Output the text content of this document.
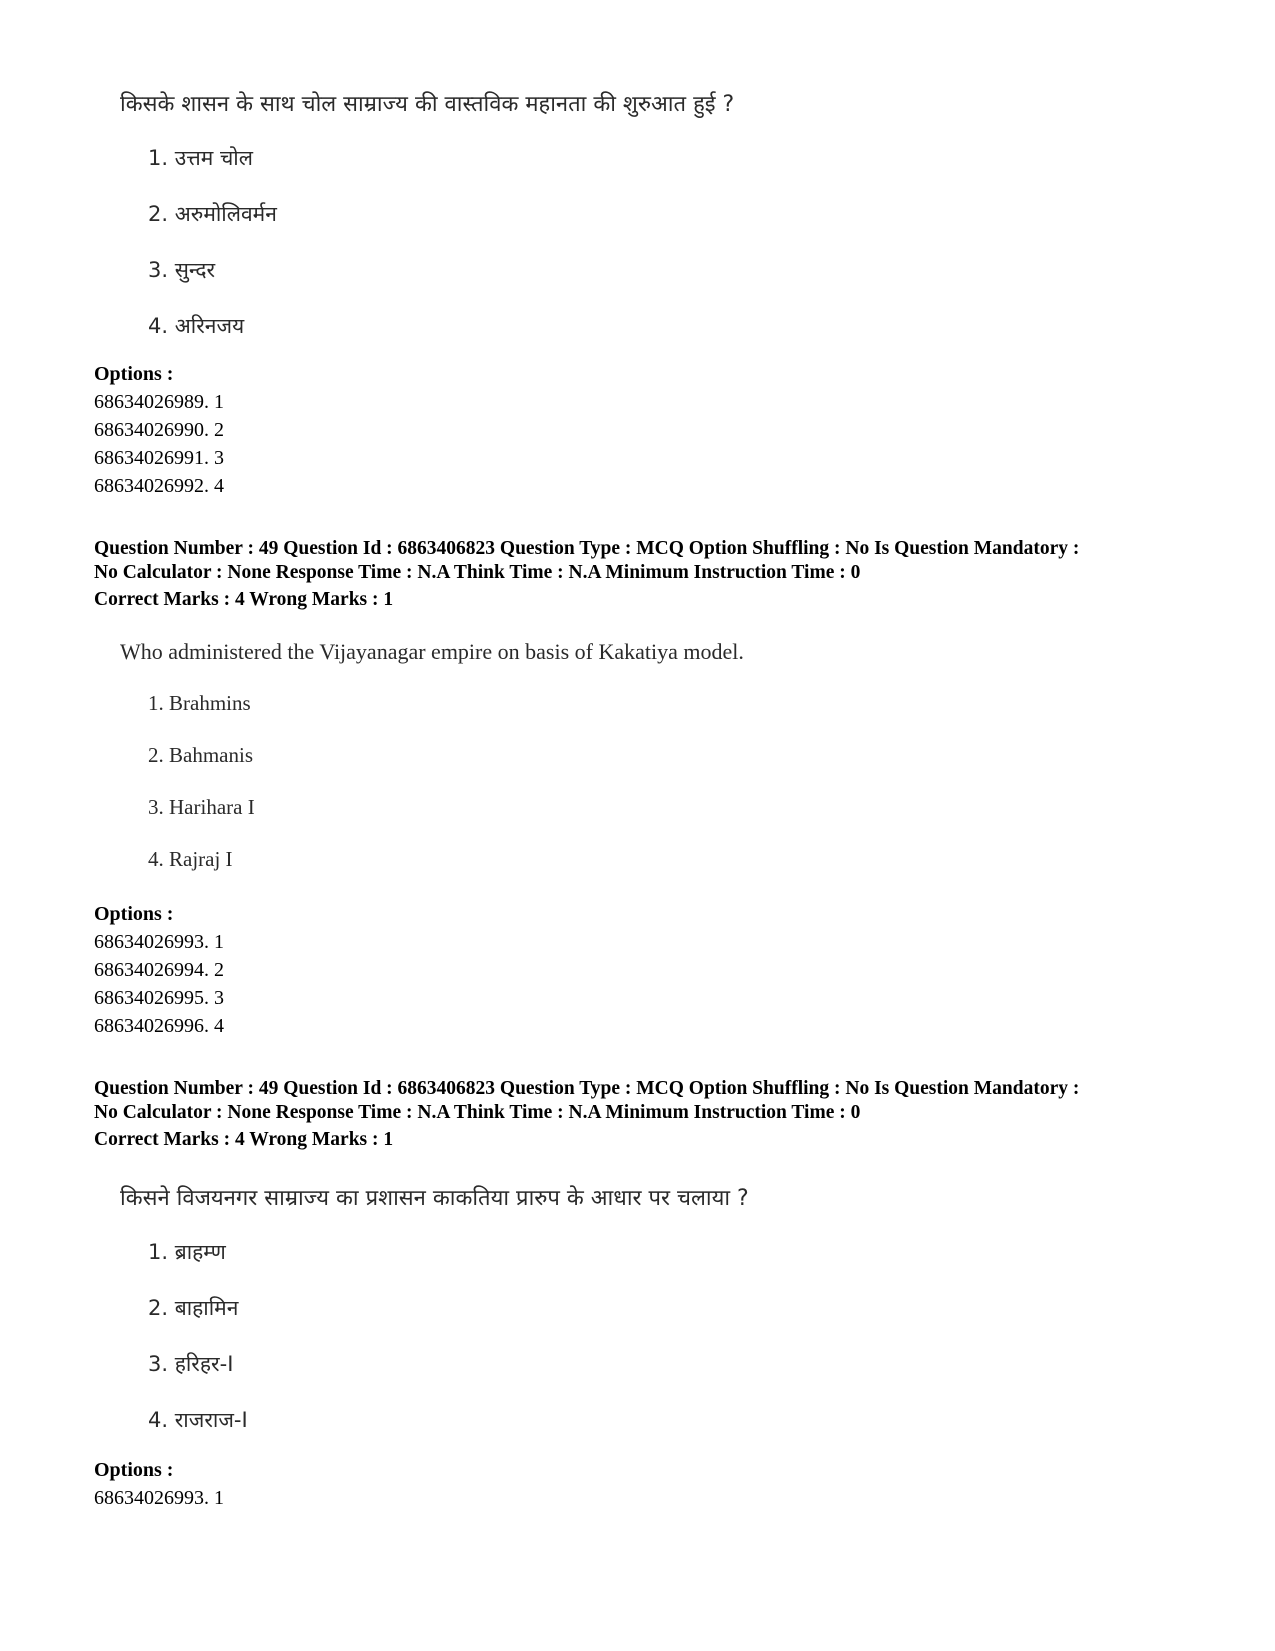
किसके शासन के साथ चोल साम्राज्य की वास्तविक महानता की शुरुआत हुई ?
1. उत्तम चोल
2. अरुमोलिवर्मन
3. सुन्दर
4. अरिनजय
Options :
68634026989. 1
68634026990. 2
68634026991. 3
68634026992. 4
Question Number : 49 Question Id : 6863406823 Question Type : MCQ Option Shuffling : No Is Question Mandatory :
No Calculator : None Response Time : N.A Think Time : N.A Minimum Instruction Time : 0
Correct Marks : 4 Wrong Marks : 1
Who administered the Vijayanagar empire on basis of Kakatiya model.
1. Brahmins
2. Bahmanis
3. Harihara I
4. Rajraj I
Options :
68634026993. 1
68634026994. 2
68634026995. 3
68634026996. 4
Question Number : 49 Question Id : 6863406823 Question Type : MCQ Option Shuffling : No Is Question Mandatory :
No Calculator : None Response Time : N.A Think Time : N.A Minimum Instruction Time : 0
Correct Marks : 4 Wrong Marks : 1
किसने विजयनगर साम्राज्य का प्रशासन काकतिया प्रारुप के आधार पर चलाया ?
1. ब्राहम्ण
2. बाहामिन
3. हरिहर-I
4. राजराज-I
Options :
68634026993. 1
